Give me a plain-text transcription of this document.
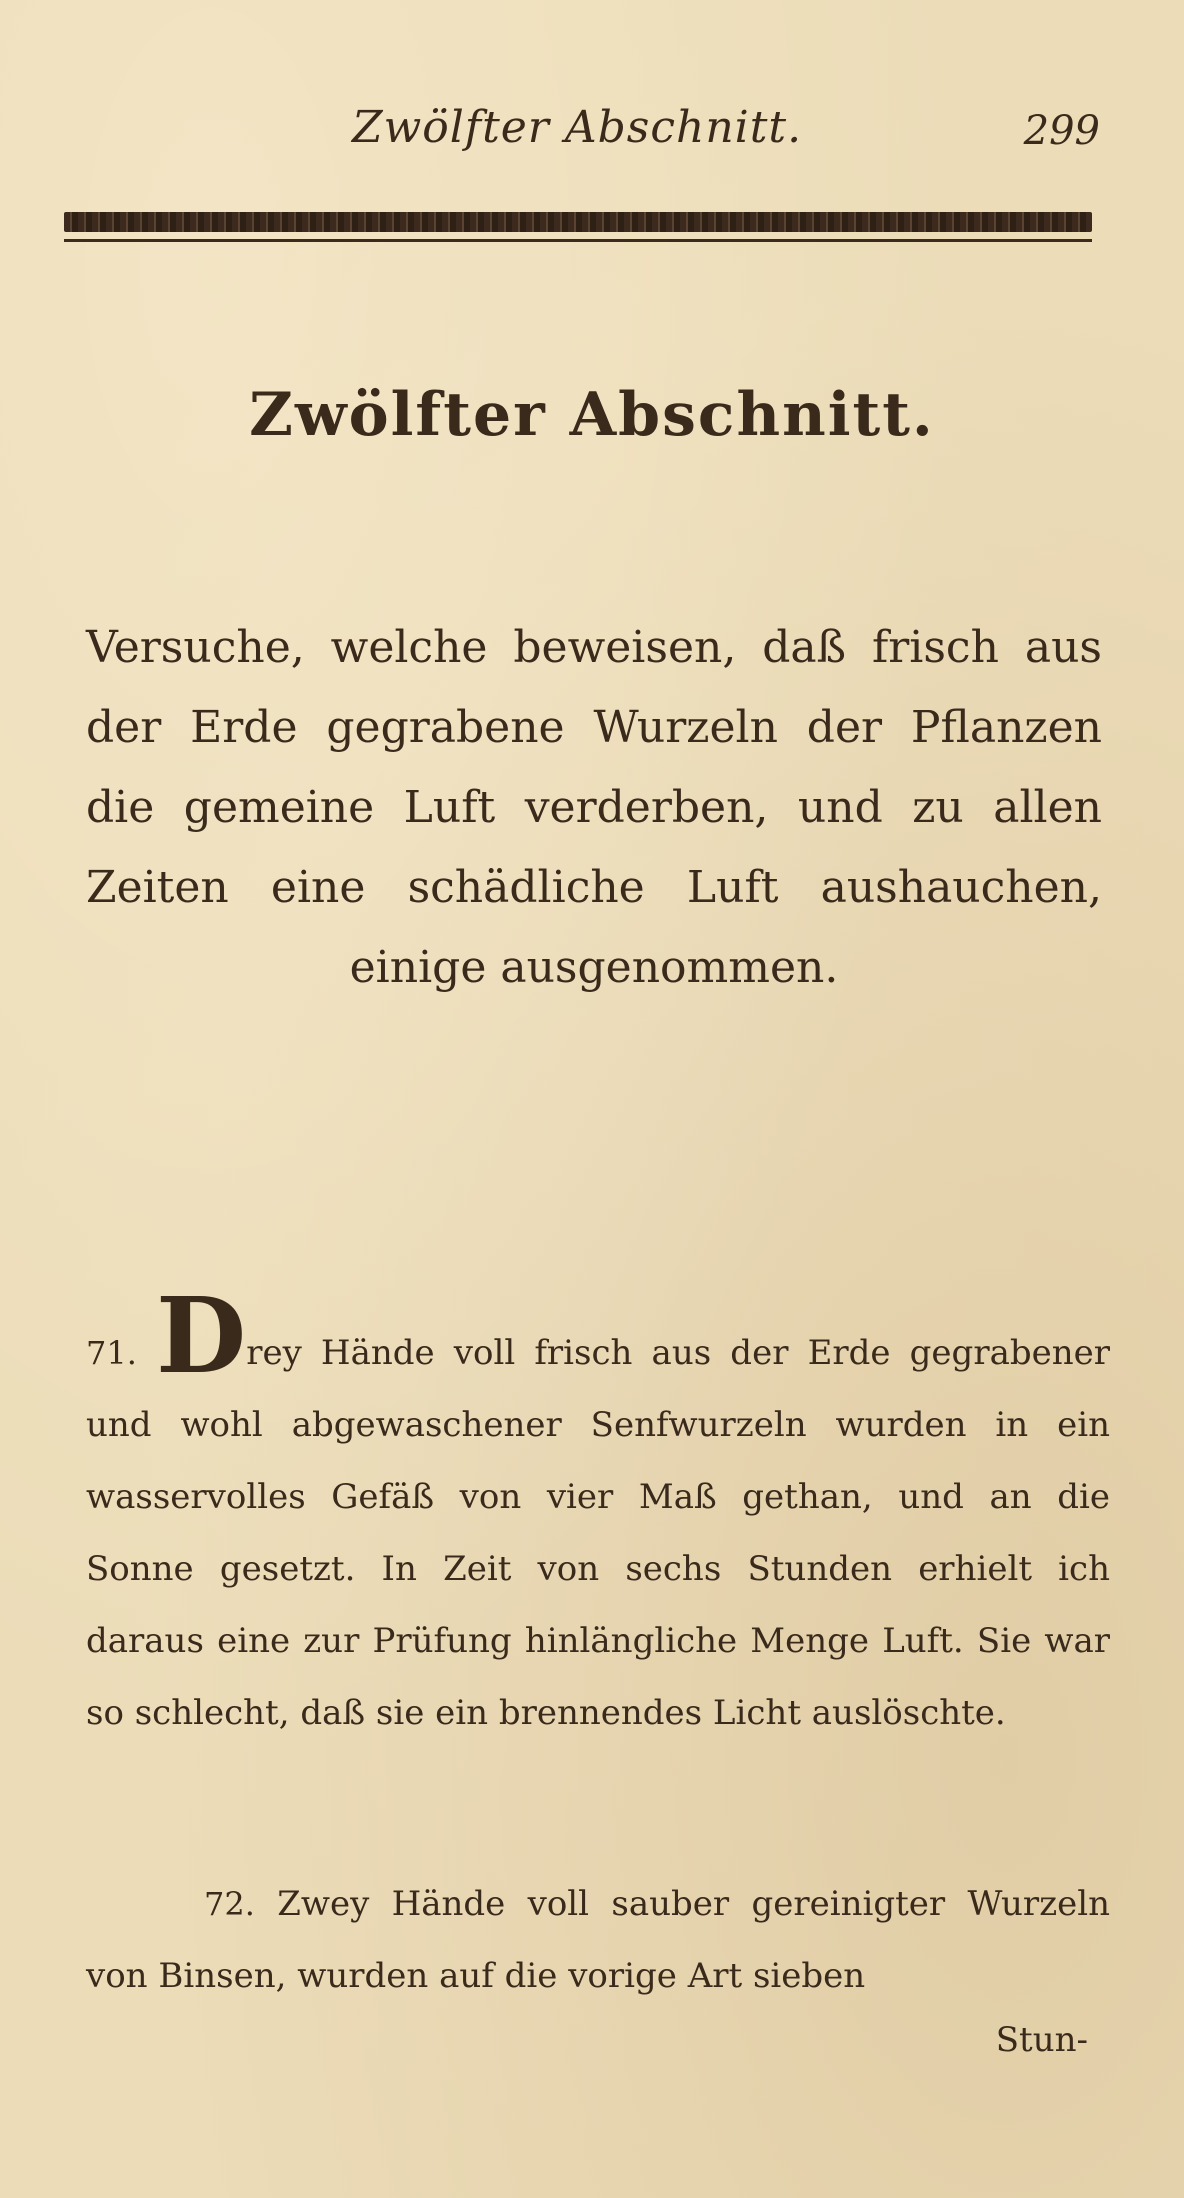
Zwölfter Abschnitt.	299
Zwölfter Abschnitt.
Versuche, welche beweisen, daß frisch aus der Erde gegrabene Wurzeln der Pflanzen die gemeine Luft verderben, und zu allen Zeiten eine schädliche Luft aushauchen, einige ausgenommen.
71. Drey Hände voll frisch aus der Erde gegrabener und wohl abgewaschener Senfwurzeln wurden in ein wasservolles Gefäß von vier Maß gethan, und an die Sonne gesetzt. In Zeit von sechs Stunden erhielt ich daraus eine zur Prüfung hinlängliche Menge Luft. Sie war so schlecht, daß sie ein brennendes Licht auslöschte.
72. Zwey Hände voll sauber gereinigter Wurzeln von Binsen, wurden auf die vorige Art sieben
Stun-
